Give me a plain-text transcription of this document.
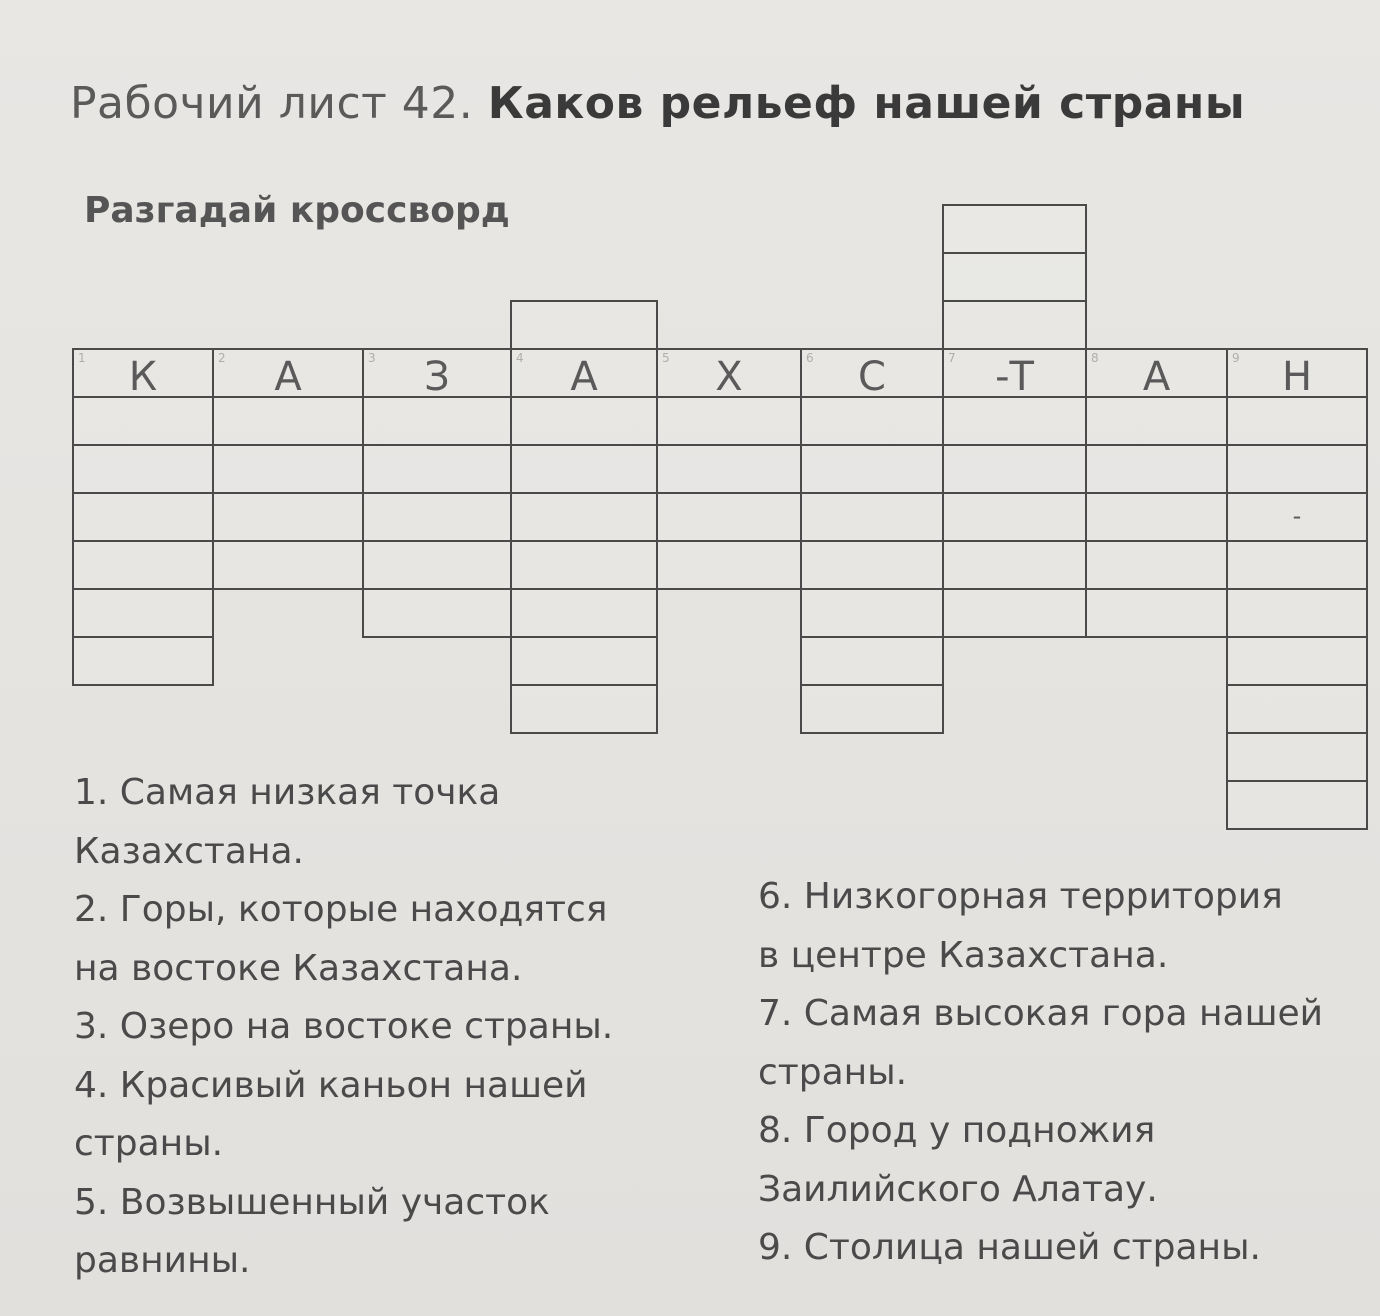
Рабочий лист 42. Каков рельеф нашей страны
Разгадай кроссворд
1	К	2	А	3	З	4	А	5	Х	6	С	7 -Т	8	А	9	Н
-
1. Самая низкая точка
Казахстана.
2. Горы, которые находятся
на востоке Казахстана.
3. Озеро на востоке страны.
4. Красивый каньон нашей
страны.
5. Возвышенный участок
равнины.
6. Низкогорная территория
в центре Казахстана.
7. Самая высокая гора нашей
страны.
8. Город у подножия
Заилийского Алатау.
9. Столица нашей страны.
